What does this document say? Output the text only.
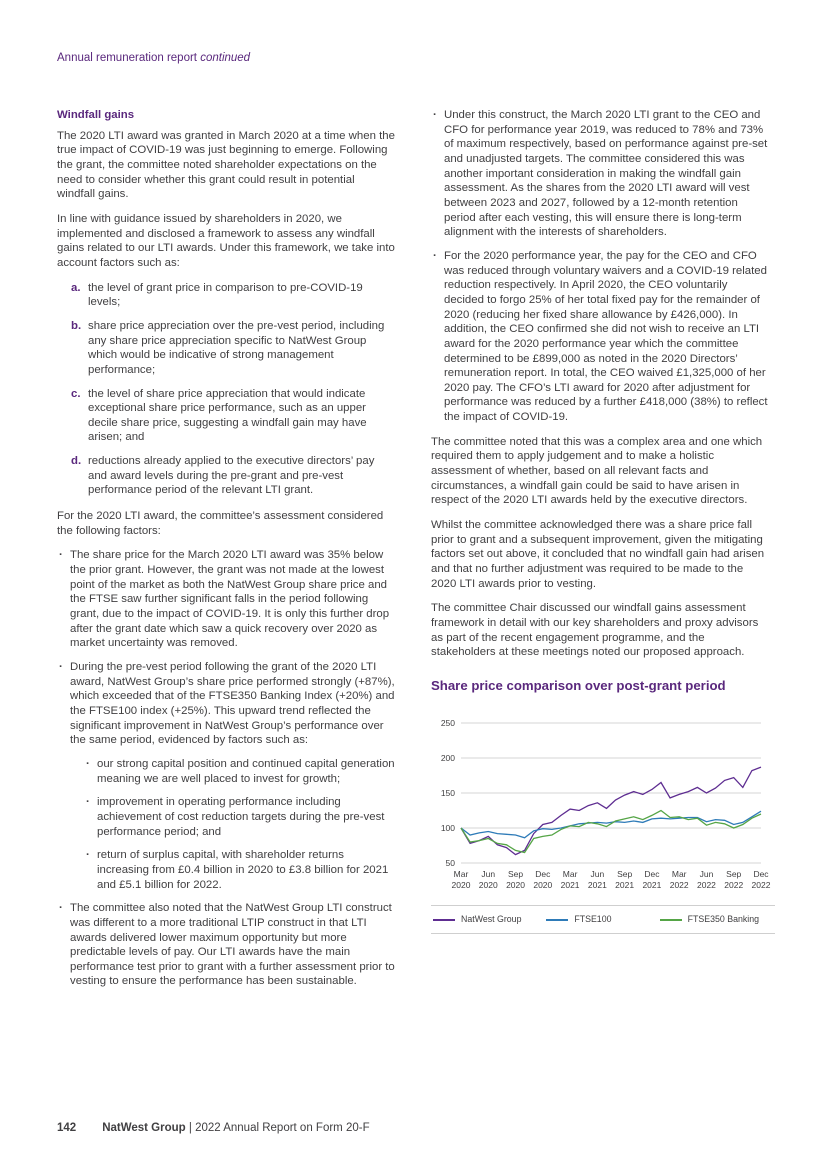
Annual remuneration report continued
Windfall gains

The 2020 LTI award was granted in March 2020 at a time when the true impact of COVID-19 was just beginning to emerge. Following the grant, the committee noted shareholder expectations on the need to consider whether this grant could result in potential windfall gains.

In line with guidance issued by shareholders in 2020, we implemented and disclosed a framework to assess any windfall gains related to our LTI awards. Under this framework, we take into account factors such as:

a. the level of grant price in comparison to pre-COVID-19 levels;
b. share price appreciation over the pre-vest period, including any share price appreciation specific to NatWest Group which would be indicative of strong management performance;
c. the level of share price appreciation that would indicate exceptional share price performance, such as an upper decile share price, suggesting a windfall gain may have arisen; and
d. reductions already applied to the executive directors’ pay and award levels during the pre-grant and pre-vest performance period of the relevant LTI grant.

For the 2020 LTI award, the committee’s assessment considered the following factors:

· The share price for the March 2020 LTI award was 35% below the prior grant. However, the grant was not made at the lowest point of the market as both the NatWest Group share price and the FTSE saw further significant falls in the period following grant, due to the impact of COVID-19. It is only this further drop after the grant date which saw a quick recovery over 2020 as market uncertainty was removed.
· During the pre-vest period following the grant of the 2020 LTI award, NatWest Group’s share price performed strongly (+87%), which exceeded that of the FTSE350 Banking Index (+20%) and the FTSE100 index (+25%). This upward trend reflected the significant improvement in NatWest Group’s performance over the same period, evidenced by factors such as:
· our strong capital position and continued capital generation meaning we are well placed to invest for growth;
· improvement in operating performance including achievement of cost reduction targets during the pre-vest performance period; and
· return of surplus capital, with shareholder returns increasing from £0.4 billion in 2020 to £3.8 billion for 2021 and £5.1 billion for 2022.
· The committee also noted that the NatWest Group LTI construct was different to a more traditional LTIP construct in that LTI awards delivered lower maximum opportunity but more predictable levels of pay. Our LTI awards have the main performance test prior to grant with a further assessment prior to vesting to ensure the performance has been sustainable.
· Under this construct, the March 2020 LTI grant to the CEO and CFO for performance year 2019, was reduced to 78% and 73% of maximum respectively, based on performance against pre-set and unadjusted targets. The committee considered this was another important consideration in making the windfall gain assessment. As the shares from the 2020 LTI award will vest between 2023 and 2027, followed by a 12-month retention period after each vesting, this will ensure there is long-term alignment with the interests of shareholders.
· For the 2020 performance year, the pay for the CEO and CFO was reduced through voluntary waivers and a COVID-19 related reduction respectively. In April 2020, the CEO voluntarily decided to forgo 25% of her total fixed pay for the remainder of 2020 (reducing her fixed share allowance by £426,000). In addition, the CEO confirmed she did not wish to receive an LTI award for the 2020 performance year which the committee determined to be £899,000 as noted in the 2020 Directors’ remuneration report. In total, the CEO waived £1,325,000 of her 2020 pay. The CFO’s LTI award for 2020 after adjustment for performance was reduced by a further £418,000 (38%) to reflect the impact of COVID-19.

The committee noted that this was a complex area and one which required them to apply judgement and to make a holistic assessment of whether, based on all relevant facts and circumstances, a windfall gain could be said to have arisen in respect of the 2020 LTI awards held by the executive directors.

Whilst the committee acknowledged there was a share price fall prior to grant and a subsequent improvement, given the mitigating factors set out above, it concluded that no windfall gain had arisen and that no further adjustment was required to be made to the 2020 LTI awards prior to vesting.

The committee Chair discussed our windfall gains assessment framework in detail with our key shareholders and proxy advisors as part of the recent engagement programme, and the stakeholders at these meetings noted our proposed approach.

Share price comparison over post-grant period
250
200
150
100
50
Mar
2020
Jun
2020
Sep
2020
Dec
2020
Mar
2021
Jun
2021
Sep
2021
Dec
2021
Mar
2022
Jun
2022
Sep
2022
Dec
2022
NatWest Group	FTSE100	FTSE350 Banking
142 NatWest Group | 2022 Annual Report on Form 20-F
